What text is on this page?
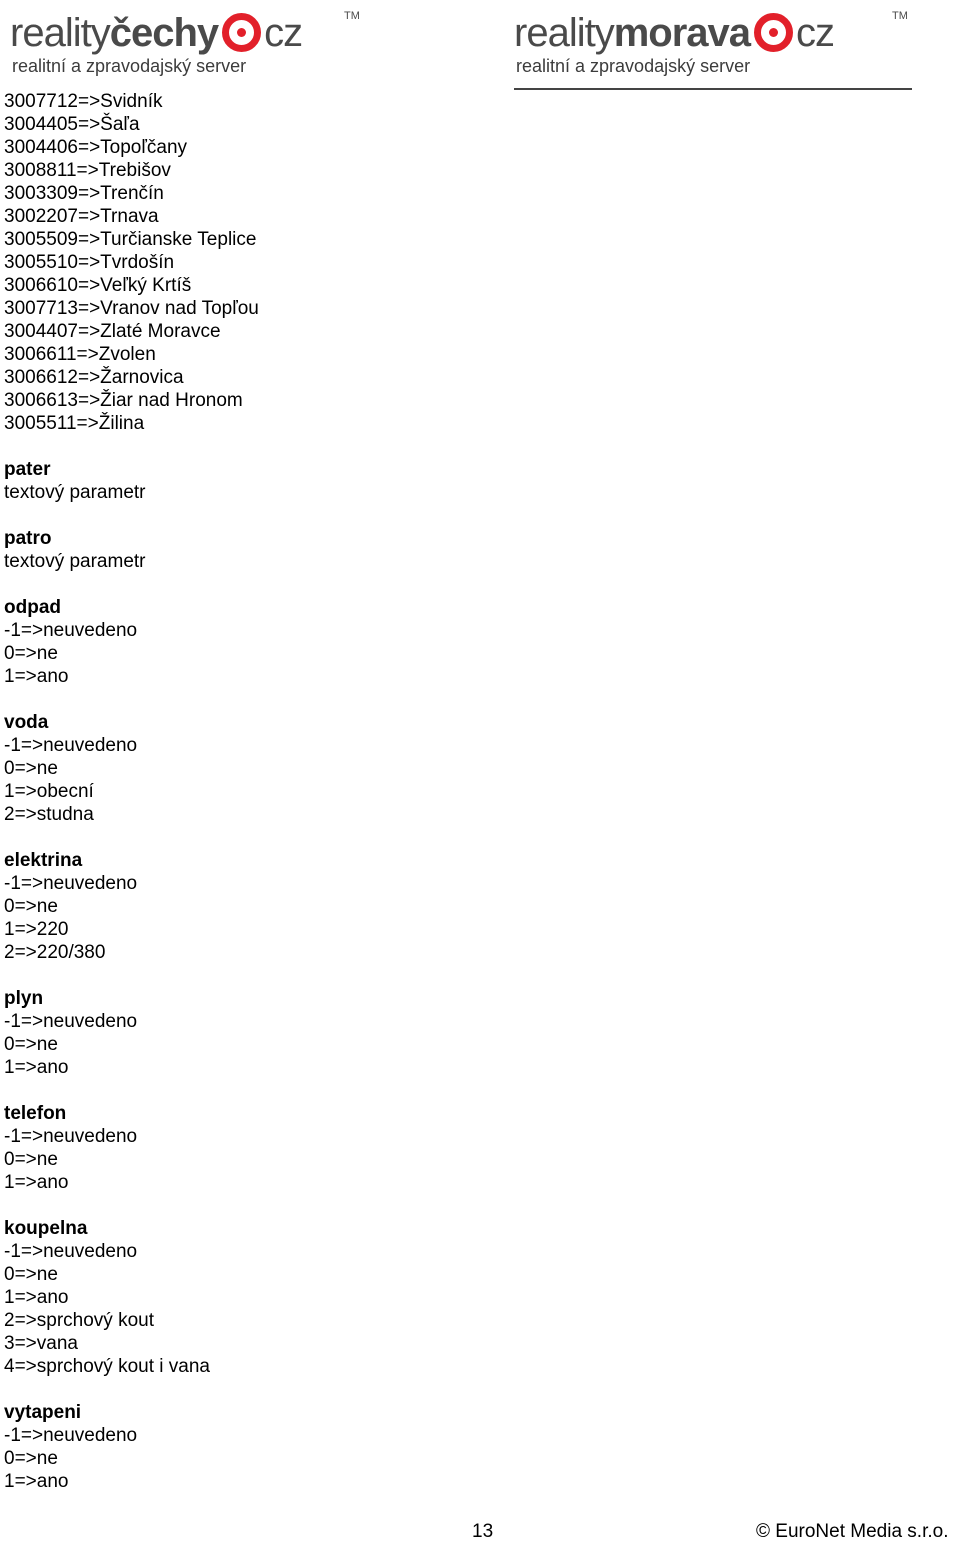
realityčechy cz	TM
realitní a zpravodajský server
realitymorava cz	TM
realitní a zpravodajský server
3007712=>Svidník
3004405=>Šaľa
3004406=>Topoľčany
3008811=>Trebišov
3003309=>Trenčín
3002207=>Trnava
3005509=>Turčianske Teplice
3005510=>Tvrdošín
3006610=>Veľký Krtíš
3007713=>Vranov nad Topľou
3004407=>Zlaté Moravce
3006611=>Zvolen
3006612=>Žarnovica
3006613=>Žiar nad Hronom
3005511=>Žilina
pater
textový parametr
patro
textový parametr
odpad
-1=>neuvedeno
0=>ne
1=>ano
voda
-1=>neuvedeno
0=>ne
1=>obecní
2=>studna
elektrina
-1=>neuvedeno
0=>ne
1=>220
2=>220/380
plyn
-1=>neuvedeno
0=>ne
1=>ano
telefon
-1=>neuvedeno
0=>ne
1=>ano
koupelna
-1=>neuvedeno
0=>ne
1=>ano
2=>sprchový kout
3=>vana
4=>sprchový kout i vana
vytapeni
-1=>neuvedeno
0=>ne
1=>ano
13	© EuroNet Media s.r.o.
